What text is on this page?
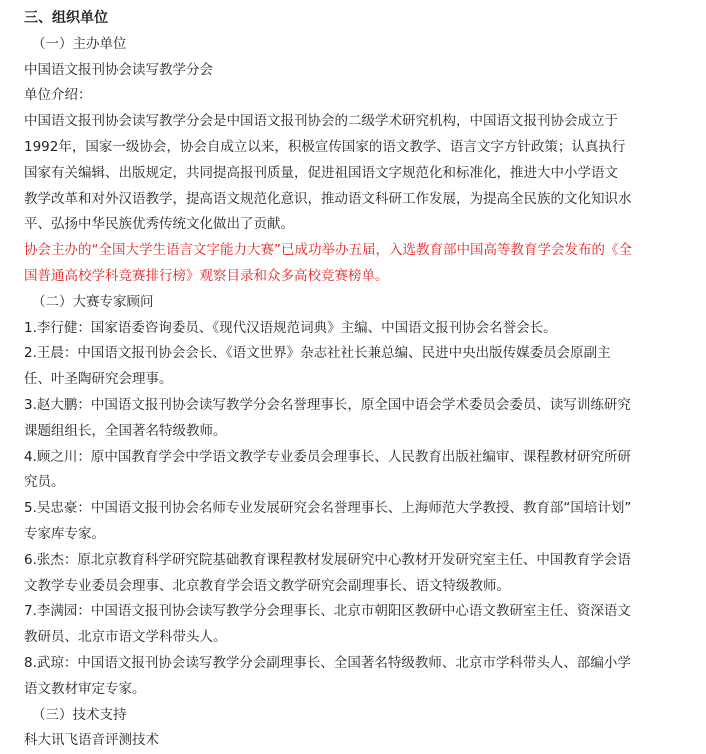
三、组织单位
（一）主办单位
中国语文报刊协会读写教学分会
单位介绍：
中国语文报刊协会读写教学分会是中国语文报刊协会的二级学术研究机构，中国语文报刊协会成立于
1992年，国家一级协会，协会自成立以来，积极宣传国家的语文教学、语言文字方针政策；认真执行
国家有关编辑、出版规定，共同提高报刊质量，促进祖国语文字规范化和标准化，推进大中小学语文
教学改革和对外汉语教学，提高语文规范化意识，推动语文科研工作发展，为提高全民族的文化知识水
平、弘扬中华民族优秀传统文化做出了贡献。
协会主办的“全国大学生语言文字能力大赛”已成功举办五届，入选教育部中国高等教育学会发布的《全
国普通高校学科竞赛排行榜》观察目录和众多高校竞赛榜单。
（二）大赛专家顾问
1.李行健：国家语委咨询委员、《现代汉语规范词典》主编、中国语文报刊协会名誉会长。
2.王晨：中国语文报刊协会会长、《语文世界》杂志社社长兼总编、民进中央出版传媒委员会原副主
任、叶圣陶研究会理事。
3.赵大鹏：中国语文报刊协会读写教学分会名誉理事长，原全国中语会学术委员会委员、读写训练研究
课题组组长，全国著名特级教师。
4.顾之川：原中国教育学会中学语文教学专业委员会理事长、人民教育出版社编审、课程教材研究所研
究员。
5.吴忠豪：中国语文报刊协会名师专业发展研究会名誉理事长、上海师范大学教授、教育部“国培计划”
专家库专家。
6.张杰：原北京教育科学研究院基础教育课程教材发展研究中心教材开发研究室主任、中国教育学会语
文教学专业委员会理事、北京教育学会语文教学研究会副理事长、语文特级教师。
7.李满园：中国语文报刊协会读写教学分会理事长、北京市朝阳区教研中心语文教研室主任、资深语文
教研员、北京市语文学科带头人。
8.武琼：中国语文报刊协会读写教学分会副理事长、全国著名特级教师、北京市学科带头人、部编小学
语文教材审定专家。
（三）技术支持
科大讯飞语音评测技术
